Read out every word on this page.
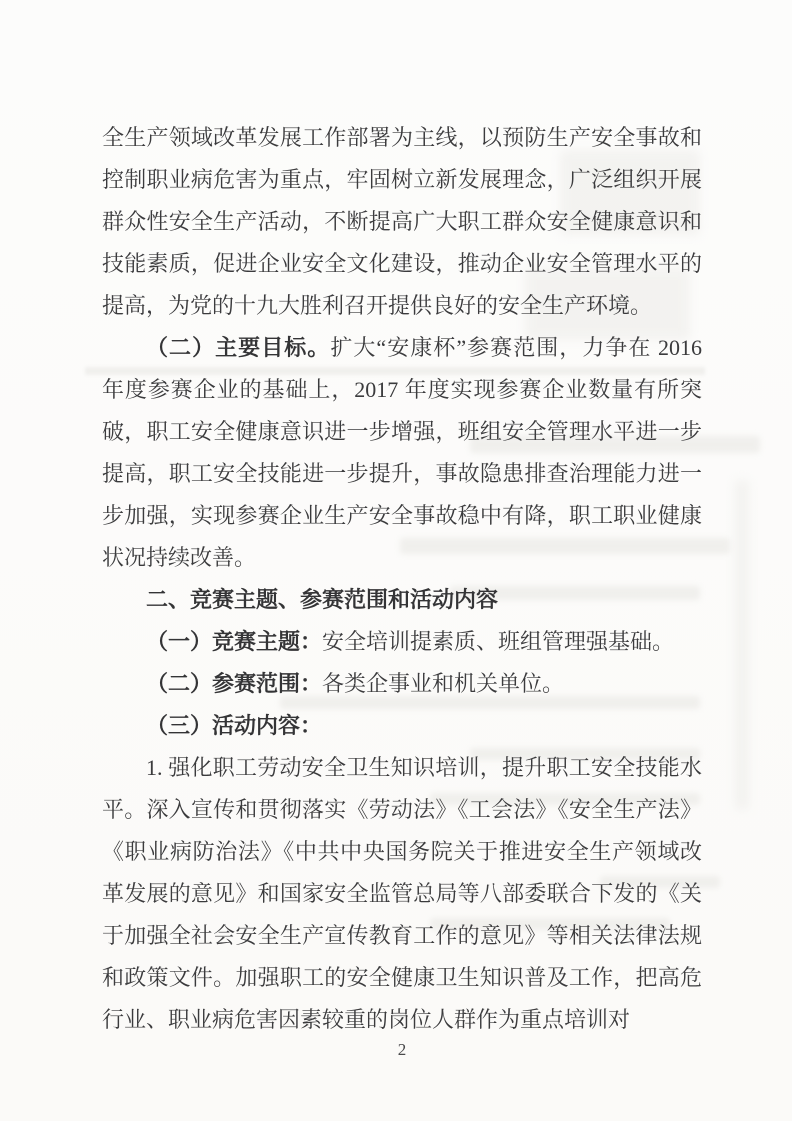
全生产领域改革发展工作部署为主线，以预防生产安全事故和控制职业病危害为重点，牢固树立新发展理念，广泛组织开展群众性安全生产活动，不断提高广大职工群众安全健康意识和技能素质，促进企业安全文化建设，推动企业安全管理水平的提高，为党的十九大胜利召开提供良好的安全生产环境。

（二）主要目标。扩大“安康杯”参赛范围，力争在 2016 年度参赛企业的基础上，2017 年度实现参赛企业数量有所突破，职工安全健康意识进一步增强，班组安全管理水平进一步提高，职工安全技能进一步提升，事故隐患排查治理能力进一步加强，实现参赛企业生产安全事故稳中有降，职工职业健康状况持续改善。

二、竞赛主题、参赛范围和活动内容

（一）竞赛主题：安全培训提素质、班组管理强基础。

（二）参赛范围：各类企事业和机关单位。

（三）活动内容：

1. 强化职工劳动安全卫生知识培训，提升职工安全技能水平。深入宣传和贯彻落实《劳动法》《工会法》《安全生产法》《职业病防治法》《中共中央国务院关于推进安全生产领域改革发展的意见》和国家安全监管总局等八部委联合下发的《关于加强全社会安全生产宣传教育工作的意见》等相关法律法规和政策文件。加强职工的安全健康卫生知识普及工作，把高危行业、职业病危害因素较重的岗位人群作为重点培训对

2
